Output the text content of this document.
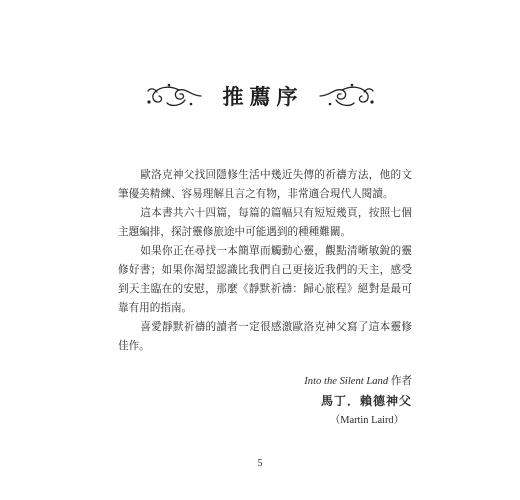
推薦序

歐洛克神父找回隱修生活中幾近失傳的祈禱方法，他的文筆優美精練、容易理解且言之有物，非常適合現代人閱讀。

這本書共六十四篇，每篇的篇幅只有短短幾頁，按照七個主題編排，探討靈修旅途中可能遇到的種種難關。

如果你正在尋找一本簡單而觸動心靈，觀點清晰敏銳的靈修好書；如果你渴望認識比我們自己更接近我們的天主，感受到天主臨在的安慰，那麼《靜默祈禱：歸心旅程》絕對是最可靠有用的指南。

喜愛靜默祈禱的讀者一定很感激歐洛克神父寫了這本靈修佳作。

Into the Silent Land 作者
馬丁．賴德神父
（Martin Laird）
5
